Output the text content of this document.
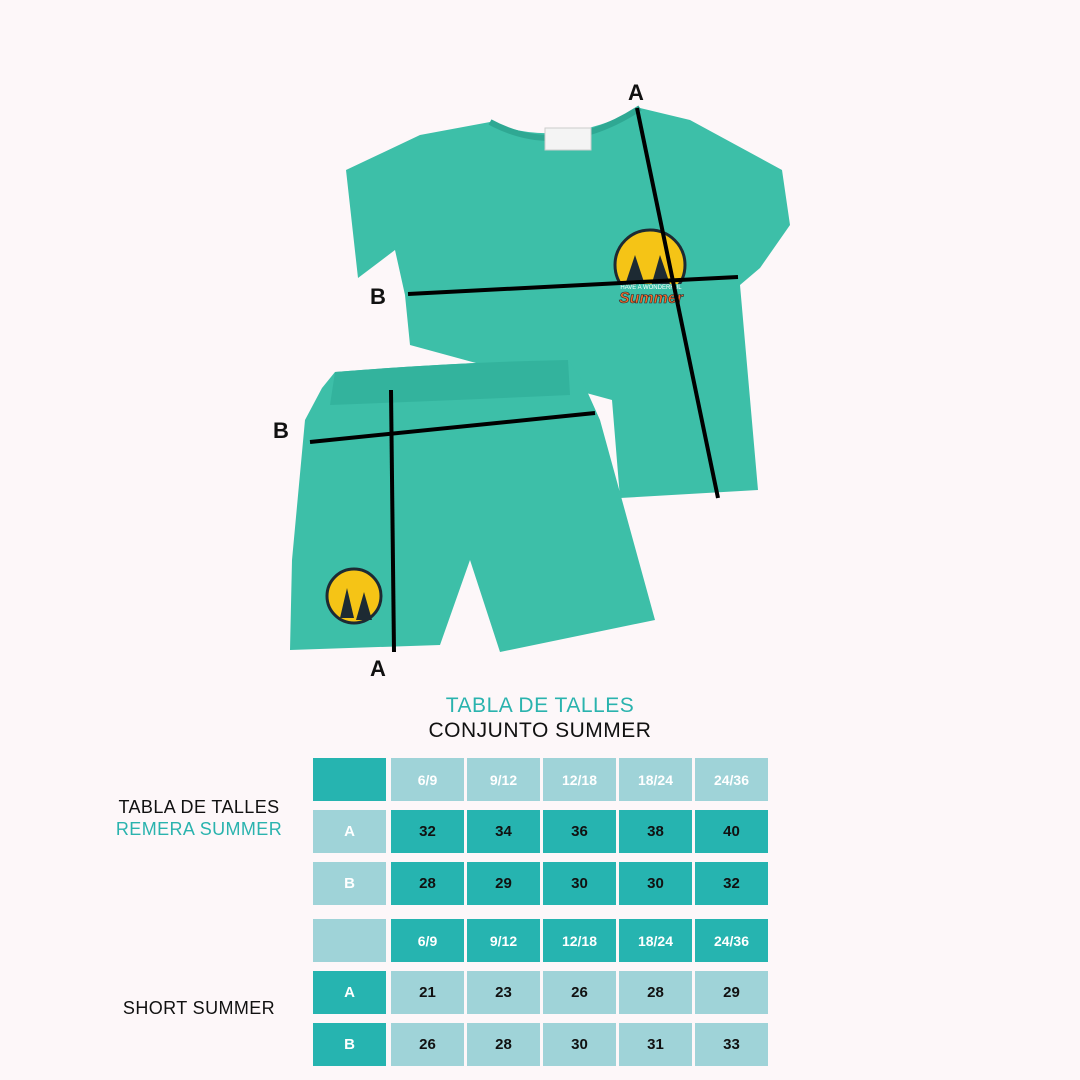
HAVE A WONDERFUL
Summer
A
B
B
A
TABLA DE TALLES
CONJUNTO SUMMER
TABLA DE TALLES
REMERA SUMMER
SHORT SUMMER
6/9	9/12	12/18	18/24	24/36
A	32	34	36	38	40
B	28	29	30	30	32
6/9	9/12	12/18	18/24	24/36
A	21	23	26	28	29
B	26	28	30	31	33
